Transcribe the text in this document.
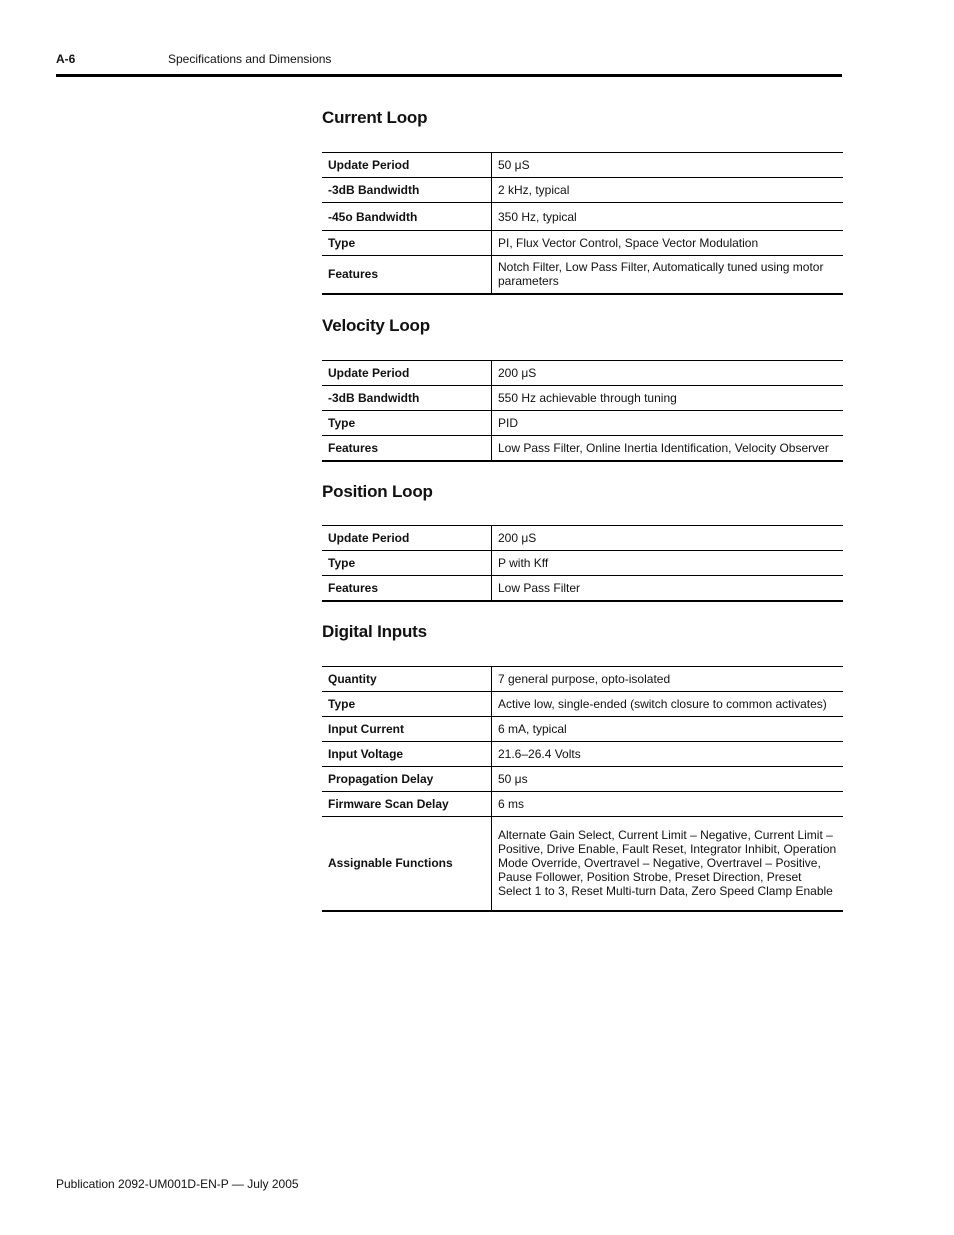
A-6	Specifications and Dimensions
Current Loop
Update Period	50 μS
-3dB Bandwidth	2 kHz, typical
-45o Bandwidth	350 Hz, typical
Type	PI, Flux Vector Control, Space Vector Modulation
Features	Notch Filter, Low Pass Filter, Automatically tuned using motor parameters
Velocity Loop
Update Period	200 μS
-3dB Bandwidth	550 Hz achievable through tuning
Type	PID
Features	Low Pass Filter, Online Inertia Identification, Velocity Observer
Position Loop
Update Period	200 μS
Type	P with Kff
Features	Low Pass Filter
Digital Inputs
Quantity	7 general purpose, opto-isolated
Type	Active low, single-ended (switch closure to common activates)
Input Current	6 mA, typical
Input Voltage	21.6–26.4 Volts
Propagation Delay	50 μs
Firmware Scan Delay	6 ms
Assignable Functions	Alternate Gain Select, Current Limit – Negative, Current Limit – Positive, Drive Enable, Fault Reset, Integrator Inhibit, Operation Mode Override, Overtravel – Negative, Overtravel – Positive, Pause Follower, Position Strobe, Preset Direction, Preset Select 1 to 3, Reset Multi-turn Data, Zero Speed Clamp Enable
Publication 2092-UM001D-EN-P — July 2005
